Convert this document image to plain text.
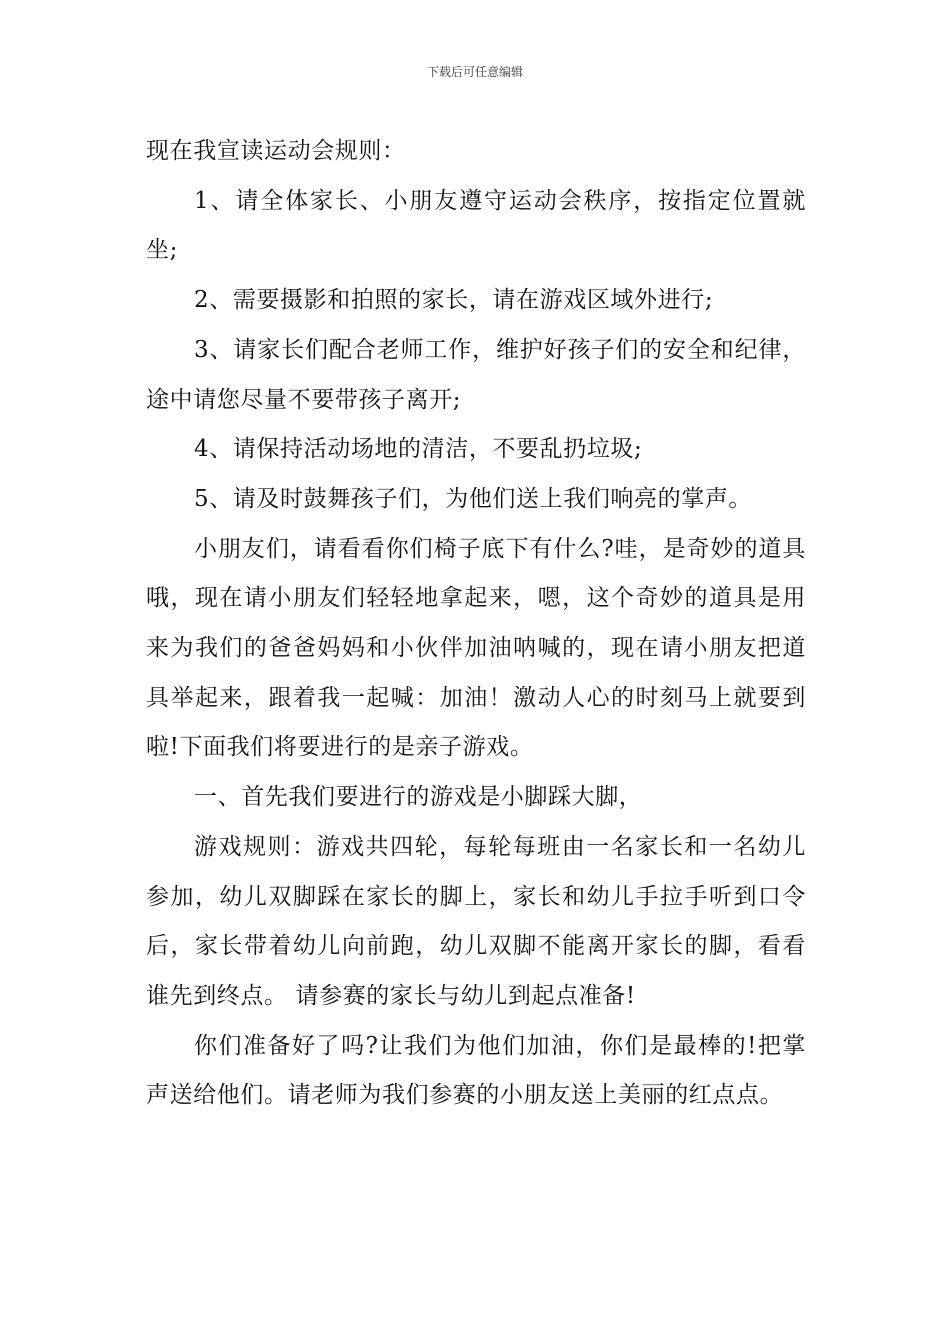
下载后可任意编辑

现在我宣读运动会规则：

1、请全体家长、小朋友遵守运动会秩序，按指定位置就坐;

2、需要摄影和拍照的家长，请在游戏区域外进行;

3、请家长们配合老师工作，维护好孩子们的安全和纪律，途中请您尽量不要带孩子离开;

4、请保持活动场地的清洁，不要乱扔垃圾;

5、请及时鼓舞孩子们，为他们送上我们响亮的掌声。

小朋友们，请看看你们椅子底下有什么?哇，是奇妙的道具哦，现在请小朋友们轻轻地拿起来，嗯，这个奇妙的道具是用来为我们的爸爸妈妈和小伙伴加油呐喊的，现在请小朋友把道具举起来，跟着我一起喊：加油！激动人心的时刻马上就要到啦!下面我们将要进行的是亲子游戏。

一、首先我们要进行的游戏是小脚踩大脚，

游戏规则：游戏共四轮，每轮每班由一名家长和一名幼儿参加，幼儿双脚踩在家长的脚上，家长和幼儿手拉手听到口令后，家长带着幼儿向前跑，幼儿双脚不能离开家长的脚，看看谁先到终点。 请参赛的家长与幼儿到起点准备!

你们准备好了吗?让我们为他们加油，你们是最棒的!把掌声送给他们。请老师为我们参赛的小朋友送上美丽的红点点。
